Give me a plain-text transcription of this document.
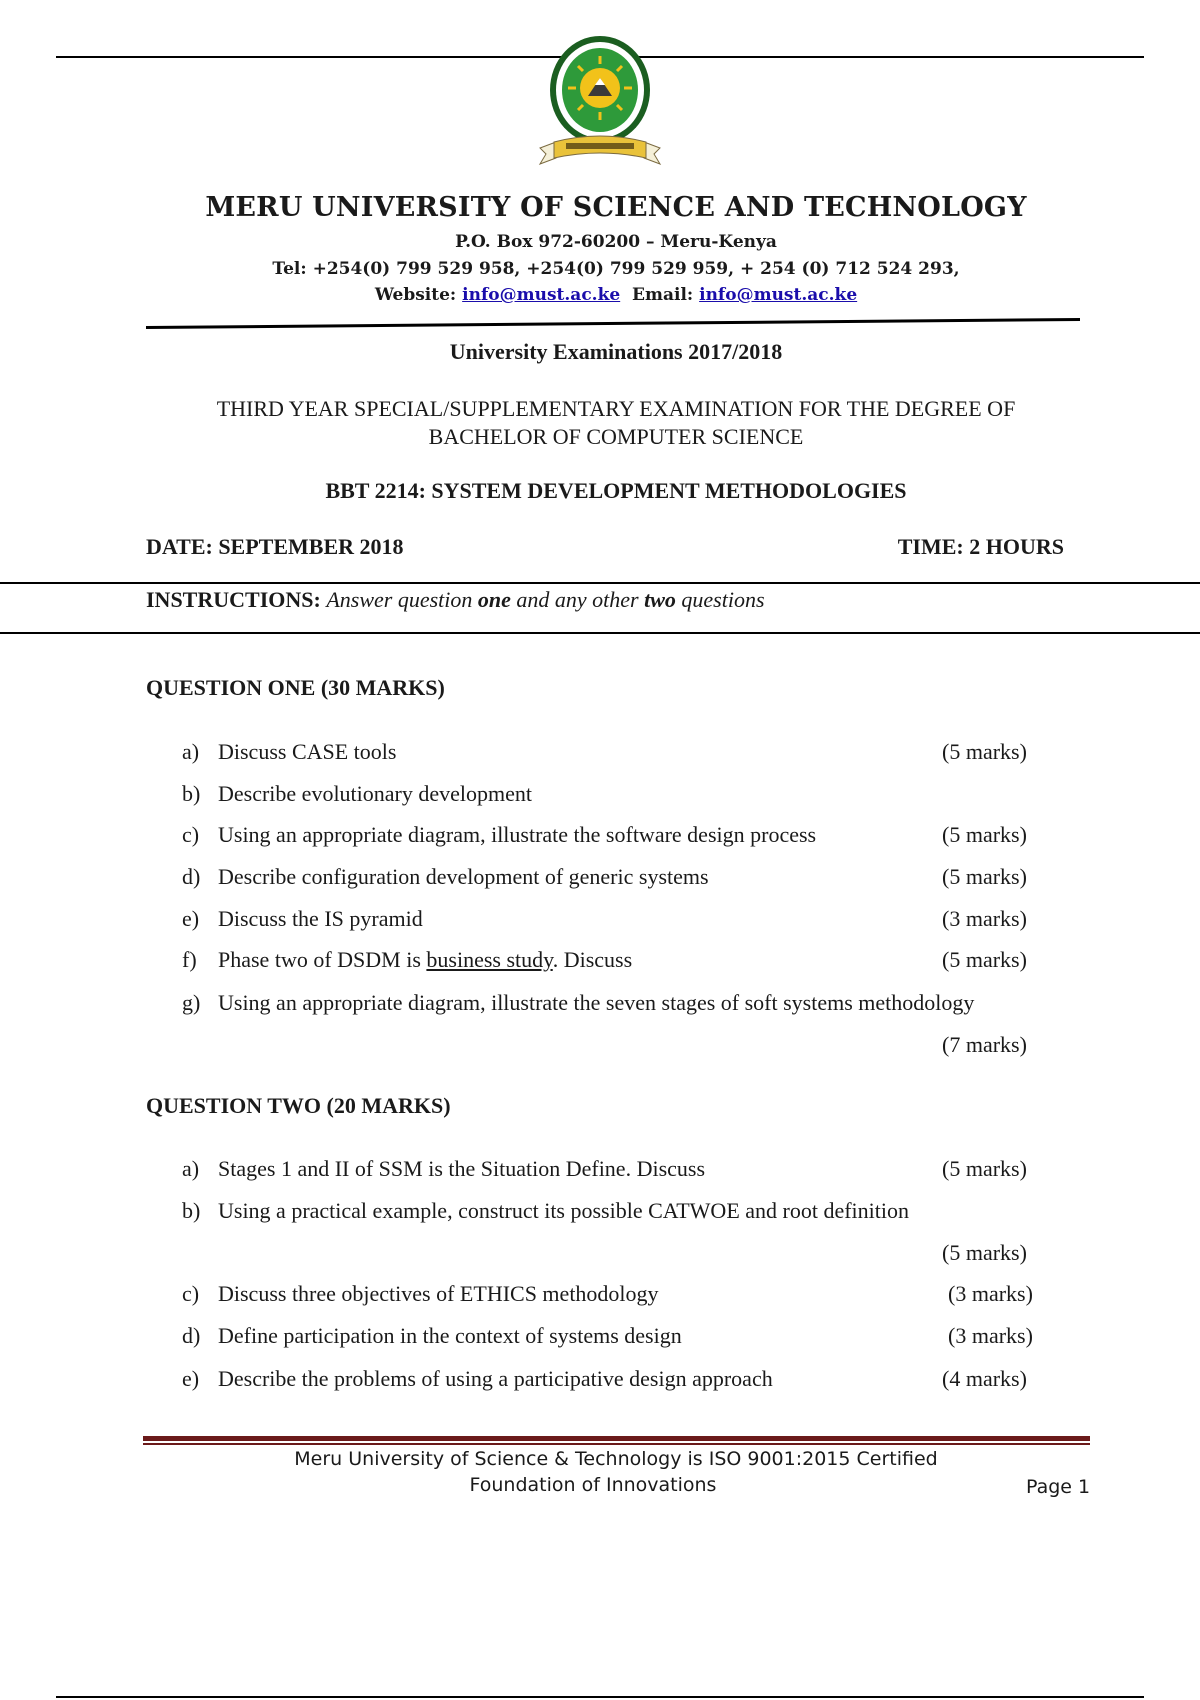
MERU UNIVERSITY OF SCIENCE AND TECHNOLOGY
P.O. Box 972-60200 – Meru-Kenya
Tel: +254(0) 799 529 958, +254(0) 799 529 959, + 254 (0) 712 524 293,
Website: info@must.ac.ke Email: info@must.ac.ke
University Examinations 2017/2018
THIRD YEAR SPECIAL/SUPPLEMENTARY EXAMINATION FOR THE DEGREE OF
BACHELOR OF COMPUTER SCIENCE
BBT 2214: SYSTEM DEVELOPMENT METHODOLOGIES
DATE: SEPTEMBER 2018	TIME: 2 HOURS
INSTRUCTIONS: Answer question one and any other two questions
QUESTION ONE (30 MARKS)
a) Discuss CASE tools	(5 marks)
b) Describe evolutionary development
c) Using an appropriate diagram, illustrate the software design process	(5 marks)
d) Describe configuration development of generic systems	(5 marks)
e) Discuss the IS pyramid	(3 marks)
f) Phase two of DSDM is business study. Discuss	(5 marks)
g) Using an appropriate diagram, illustrate the seven stages of soft systems methodology
(7 marks)
QUESTION TWO (20 MARKS)
a) Stages 1 and II of SSM is the Situation Define. Discuss	(5 marks)
b) Using a practical example, construct its possible CATWOE and root definition
(5 marks)
c) Discuss three objectives of ETHICS methodology	(3 marks)
d) Define participation in the context of systems design	(3 marks)
e) Describe the problems of using a participative design approach	(4 marks)
Meru University of Science & Technology is ISO 9001:2015 Certified
Foundation of Innovations	Page 1
